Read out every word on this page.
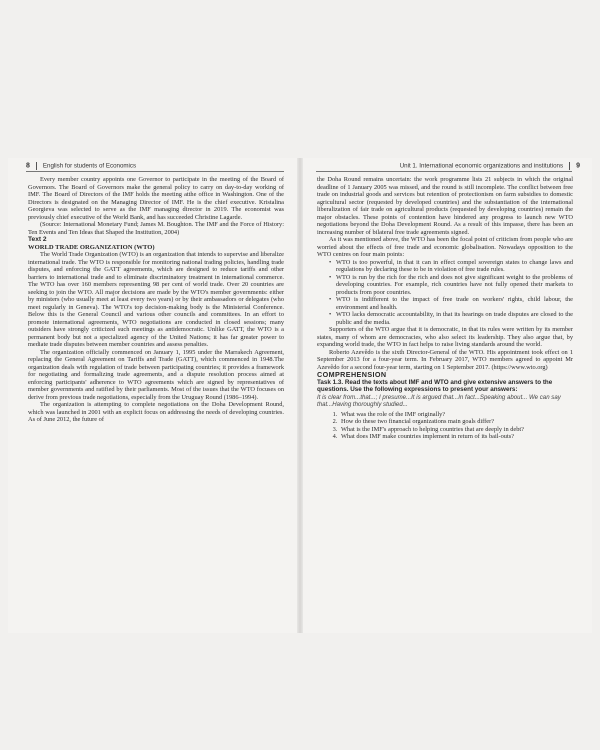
8 English for students of Economics	Unit 1. International economic organizations and institutions 9

Every member country appoints one Governor to participate in the meeting of the Board of Governors. The Board of Governors make the general policy to carry on day-to-day working of IMF. The Board of Directors of the IMF holds the meeting atthe office in Washington. One of the Directors is designated on the Managing Director of IMF. He is the chief executive. Kristalina Georgieva was selected to serve as the IMF managing director in 2019. The economist was previously chief executive of the World Bank, and has succeeded Christine Lagarde.

(Source: International Monetary Fund; James M. Boughton. The IMF and the Force of History: Ten Events and Ten Ideas that Shaped the Institution, 2004)

Text 2

WORLD TRADE ORGANIZATION (WTO)

The World Trade Organization (WTO) is an organization that intends to supervise and liberalize international trade. The WTO is responsible for monitoring national trading policies, handling trade disputes, and enforcing the GATT agreements, which are designed to reduce tariffs and other barriers to international trade and to eliminate discriminatory treatment in international commerce. The WTO has over 160 members representing 98 per cent of world trade. Over 20 countries are seeking to join the WTO. All major decisions are made by the WTO's member governments: either by ministers (who usually meet at least every two years) or by their ambassadors or delegates (who meet regularly in Geneva). The WTO's top decision-making body is the Ministerial Conference. Below this is the General Council and various other councils and committees. In an effort to promote international agreements, WTO negotiations are conducted in closed sessions; many outsiders have strongly criticized such meetings as antidemocratic. Unlike GATT, the WTO is a permanent body but not a specialized agency of the United Nations; it has far greater power to mediate trade disputes between member countries and assess penalties.

The organization officially commenced on January 1, 1995 under the Marrakech Agreement, replacing the General Agreement on Tariffs and Trade (GATT), which commenced in 1948.The organization deals with regulation of trade between participating countries; it provides a framework for negotiating and formalizing trade agreements, and a dispute resolution process aimed at enforcing participants' adherence to WTO agreements which are signed by representatives of member governments and ratified by their parliaments. Most of the issues that the WTO focuses on derive from previous trade negotiations, especially from the Uruguay Round (1986–1994).

The organization is attempting to complete negotiations on the Doha Development Round, which was launched in 2001 with an explicit focus on addressing the needs of developing countries. As of June 2012, the future of

the Doha Round remains uncertain: the work programme lists 21 subjects in which the original deadline of 1 January 2005 was missed, and the round is still incomplete. The conflict between free trade on industrial goods and services but retention of protectionism on farm subsidies to domestic agricultural sector (requested by developed countries) and the substantiation of the international liberalization of fair trade on agricultural products (requested by developing countries) remain the major obstacles. These points of contention have hindered any progress to launch new WTO negotiations beyond the Doha Development Round. As a result of this impasse, there has been an increasing number of bilateral free trade agreements signed.

As it was mentioned above, the WTO has been the focal point of criticism from people who are worried about the effects of free trade and economic globalisation. Nowadays opposition to the WTO centres on four main points:

• WTO is too powerful, in that it can in effect compel sovereign states to change laws and regulations by declaring these to be in violation of free trade rules.
• WTO is run by the rich for the rich and does not give significant weight to the problems of developing countries. For example, rich countries have not fully opened their markets to products from poor countries.
• WTO is indifferent to the impact of free trade on workers' rights, child labour, the environment and health.
• WTO lacks democratic accountability, in that its hearings on trade disputes are closed to the public and the media.

Supporters of the WTO argue that it is democratic, in that its rules were written by its member states, many of whom are democracies, who also select its leadership. They also argue that, by expanding world trade, the WTO in fact helps to raise living standards around the world.

Roberto Azevêdo is the sixth Director-General of the WTO. His appointment took effect on 1 September 2013 for a four-year term. In February 2017, WTO members agreed to appoint Mr Azevêdo for a second four-year term, starting on 1 September 2017. (https://www.wto.org)

COMPREHENSION

Task 1.3. Read the texts about IMF and WTO and give extensive answers to the questions. Use the following expressions to present your answers:

It is clear from...that...; I presume...It is argued that...In fact...Speaking about... We can say that...Having thoroughly studied...

1. What was the role of the IMF originally?
2. How do these two financial organizations main goals differ?
3. What is the IMF's approach to helping countries that are deeply in debt?
4. What does IMF make countries implement in return of its bail-outs?
